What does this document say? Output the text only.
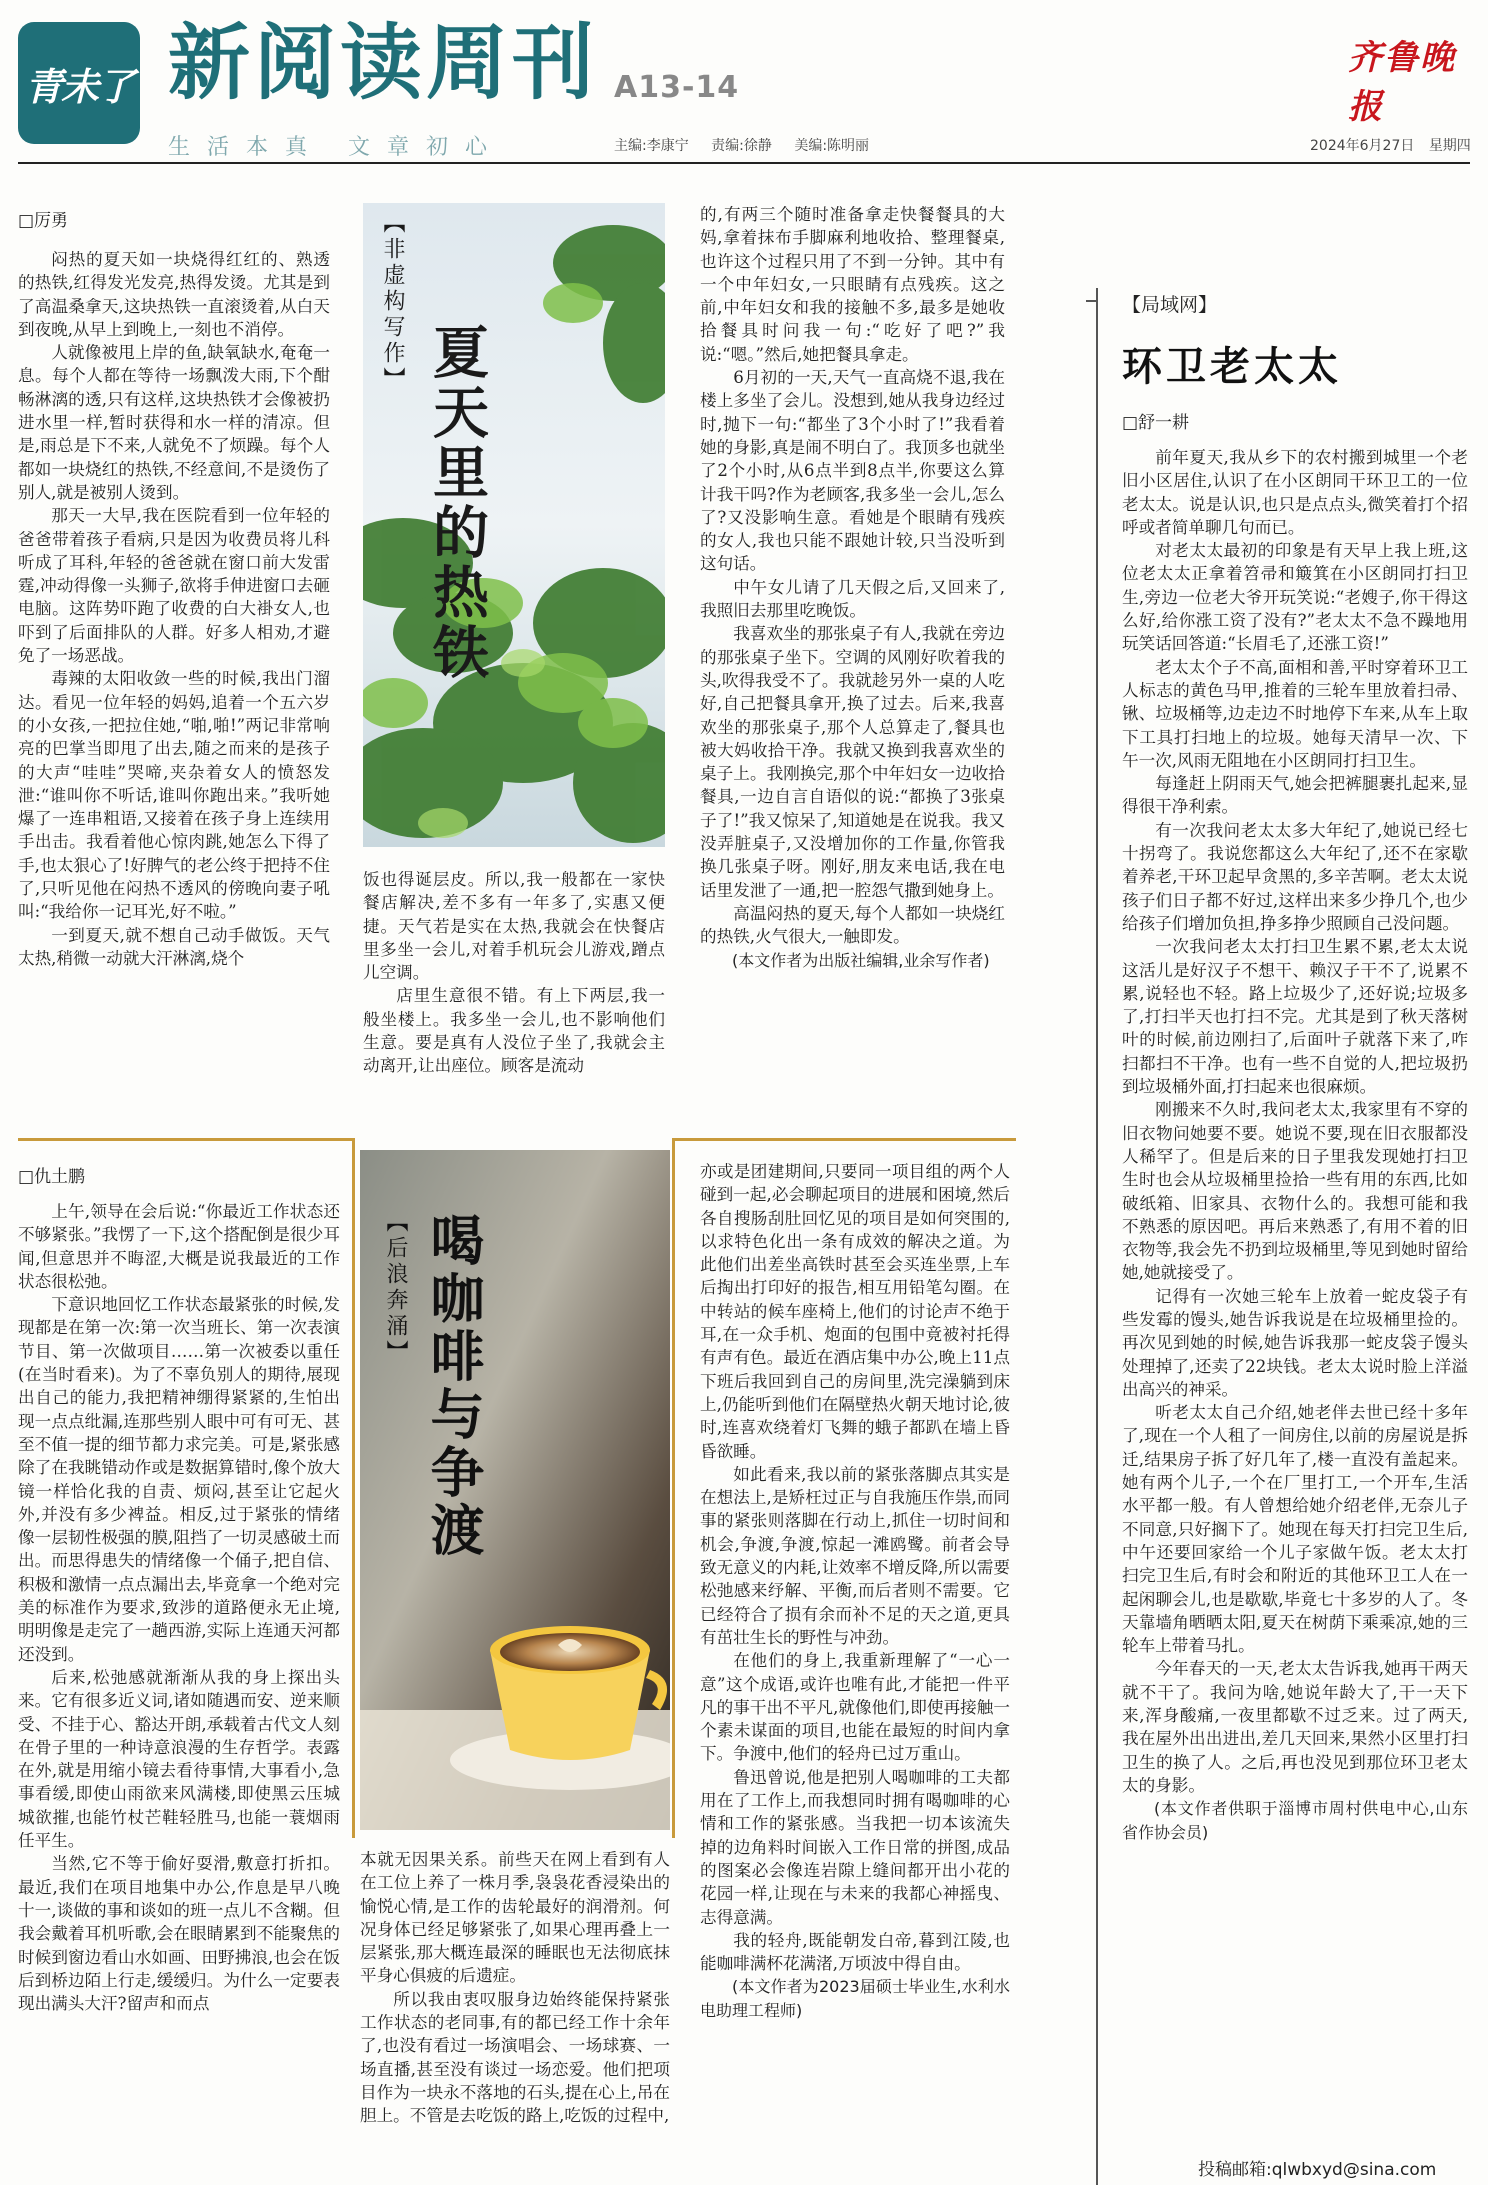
青未了 新阅读周刊 A13-14
齐鲁晚报
生活本真 文章初心	主编:李康宁 责编:徐静 美编:陈明丽	2024年6月27日 星期四
□厉勇

闷热的夏天如一块烧得红红的、熟透的热铁,红得发光发亮,热得发烫。尤其是到了高温桑拿天,这块热铁一直滚烫着,从白天到夜晚,从早上到晚上,一刻也不消停。

人就像被甩上岸的鱼,缺氧缺水,奄奄一息。每个人都在等待一场飘泼大雨,下个酣畅淋漓的透,只有这样,这块热铁才会像被扔进水里一样,暂时获得和水一样的清凉。但是,雨总是下不来,人就免不了烦躁。每个人都如一块烧红的热铁,不经意间,不是烫伤了别人,就是被别人烫到。

那天一大早,我在医院看到一位年轻的爸爸带着孩子看病,只是因为收费员将儿科听成了耳科,年轻的爸爸就在窗口前大发雷霆,冲动得像一头狮子,欲将手伸进窗口去砸电脑。这阵势吓跑了收费的白大褂女人,也吓到了后面排队的人群。好多人相劝,才避免了一场恶战。

毒辣的太阳收敛一些的时候,我出门溜达。看见一位年轻的妈妈,追着一个五六岁的小女孩,一把拉住她,“啪,啪!”两记非常响亮的巴掌当即甩了出去,随之而来的是孩子的大声“哇哇”哭啼,夹杂着女人的愤怒发泄:“谁叫你不听话,谁叫你跑出来。”我听她爆了一连串粗语,又接着在孩子身上连续用手出击。我看着他心惊肉跳,她怎么下得了手,也太狠心了!好脾气的老公终于把持不住了,只听见他在闷热不透风的傍晚向妻子吼叫:“我给你一记耳光,好不啦。”

一到夏天,就不想自己动手做饭。天气太热,稍微一动就大汗淋漓,烧个

【非虚构写作】
夏天里的热铁

饭也得诞层皮。所以,我一般都在一家快餐店解决,差不多有一年多了,实惠又便捷。天气若是实在太热,我就会在快餐店里多坐一会儿,对着手机玩会儿游戏,蹭点儿空调。

店里生意很不错。有上下两层,我一般坐楼上。我多坐一会儿,也不影响他们生意。要是真有人没位子坐了,我就会主动离开,让出座位。顾客是流动

的,有两三个随时准备拿走快餐餐具的大妈,拿着抹布手脚麻利地收拾、整理餐桌,也许这个过程只用了不到一分钟。其中有一个中年妇女,一只眼睛有点残疾。这之前,中年妇女和我的接触不多,最多是她收拾餐具时问我一句:“吃好了吧?”我说:“嗯。”然后,她把餐具拿走。

6月初的一天,天气一直高烧不退,我在楼上多坐了会儿。没想到,她从我身边经过时,抛下一句:“都坐了3个小时了!”我看着她的身影,真是闹不明白了。我顶多也就坐了2个小时,从6点半到8点半,你要这么算计我干吗?作为老顾客,我多坐一会儿,怎么了?又没影响生意。看她是个眼睛有残疾的女人,我也只能不跟她计较,只当没听到这句话。

中午女儿请了几天假之后,又回来了,我照旧去那里吃晚饭。

我喜欢坐的那张桌子有人,我就在旁边的那张桌子坐下。空调的风刚好吹着我的头,吹得我受不了。我就趁另外一桌的人吃好,自己把餐具拿开,换了过去。后来,我喜欢坐的那张桌子,那个人总算走了,餐具也被大妈收拾干净。我就又换到我喜欢坐的桌子上。我刚换完,那个中年妇女一边收拾餐具,一边自言自语似的说:“都换了3张桌子了!”我又惊呆了,知道她是在说我。我又没弄脏桌子,又没增加你的工作量,你管我换几张桌子呀。刚好,朋友来电话,我在电话里发泄了一通,把一腔怨气撒到她身上。

高温闷热的夏天,每个人都如一块烧红的热铁,火气很大,一触即发。

(本文作者为出版社编辑,业余写作者)

【局域网】
环卫老太太
□舒一耕

前年夏天,我从乡下的农村搬到城里一个老旧小区居住,认识了在小区朗同干环卫工的一位老太太。说是认识,也只是点点头,微笑着打个招呼或者简单聊几句而已。

对老太太最初的印象是有天早上我上班,这位老太太正拿着笤帚和簸箕在小区朗同打扫卫生,旁边一位老大爷开玩笑说:“老嫂子,你干得这么好,给你涨工资了没有?”老太太不急不躁地用玩笑话回答道:“长眉毛了,还涨工资!”

老太太个子不高,面相和善,平时穿着环卫工人标志的黄色马甲,推着的三轮车里放着扫帚、锹、垃圾桶等,边走边不时地停下车来,从车上取下工具打扫地上的垃圾。她每天清早一次、下午一次,风雨无阻地在小区朗同打扫卫生。

每逢赶上阴雨天气,她会把裤腿裹扎起来,显得很干净利索。

有一次我问老太太多大年纪了,她说已经七十拐弯了。我说您都这么大年纪了,还不在家歇着养老,干环卫起早贪黑的,多辛苦啊。老太太说孩子们日子都不好过,这样出来多少挣几个,也少给孩子们增加负担,挣多挣少照顾自己没问题。

一次我问老太太打扫卫生累不累,老太太说这活儿是好汉子不想干、赖汉子干不了,说累不累,说轻也不轻。路上垃圾少了,还好说;垃圾多了,打扫半天也打扫不完。尤其是到了秋天落树叶的时候,前边刚扫了,后面叶子就落下来了,咋扫都扫不干净。也有一些不自觉的人,把垃圾扔到垃圾桶外面,打扫起来也很麻烦。

刚搬来不久时,我问老太太,我家里有不穿的旧衣物问她要不要。她说不要,现在旧衣服都没人稀罕了。但是后来的日子里我发现她打扫卫生时也会从垃圾桶里捡拾一些有用的东西,比如破纸箱、旧家具、衣物什么的。我想可能和我不熟悉的原因吧。再后来熟悉了,有用不着的旧衣物等,我会先不扔到垃圾桶里,等见到她时留给她,她就接受了。

记得有一次她三轮车上放着一蛇皮袋子有些发霉的馒头,她告诉我说是在垃圾桶里捡的。再次见到她的时候,她告诉我那一蛇皮袋子馒头处理掉了,还卖了22块钱。老太太说时脸上洋溢出高兴的神采。

听老太太自己介绍,她老伴去世已经十多年了,现在一个人租了一间房住,以前的房屋说是拆迁,结果房子拆了好几年了,楼一直没有盖起来。她有两个儿子,一个在厂里打工,一个开车,生活水平都一般。有人曾想给她介绍老伴,无奈儿子不同意,只好搁下了。她现在每天打扫完卫生后,中午还要回家给一个儿子家做午饭。老太太打扫完卫生后,有时会和附近的其他环卫工人在一起闲聊会儿,也是歇歇,毕竟七十多岁的人了。冬天靠墙角晒晒太阳,夏天在树荫下乘乘凉,她的三轮车上带着马扎。

今年春天的一天,老太太告诉我,她再干两天就不干了。我问为啥,她说年龄大了,干一天下来,浑身酸痛,一夜里都歇不过乏来。过了两天,我在屋外出出进出,差几天回来,果然小区里打扫卫生的换了人。之后,再也没见到那位环卫老太太的身影。

(本文作者供职于淄博市周村供电中心,山东省作协会员)

□仇土鹏

上午,领导在会后说:“你最近工作状态还不够紧张。”我愣了一下,这个搭配倒是很少耳闻,但意思并不晦涩,大概是说我最近的工作状态很松弛。

下意识地回忆工作状态最紧张的时候,发现都是在第一次:第一次当班长、第一次表演节目、第一次做项目……第一次被委以重任(在当时看来)。为了不辜负别人的期待,展现出自己的能力,我把精神绷得紧紧的,生怕出现一点点纰漏,连那些别人眼中可有可无、甚至不值一提的细节都力求完美。可是,紧张感除了在我眺错动作或是数据算错时,像个放大镜一样恰化我的自责、烦闷,甚至让它起火外,并没有多少裨益。相反,过于紧张的情绪像一层韧性极强的膜,阻挡了一切灵感破土而出。而思得患失的情绪像一个俑子,把自信、积极和激情一点点漏出去,毕竟拿一个绝对完美的标准作为要求,致涉的道路便永无止境,明明像是走完了一趟西游,实际上连通天河都还没到。

后来,松弛感就渐渐从我的身上探出头来。它有很多近义词,诸如随遇而安、逆来顺受、不挂于心、豁达开朗,承载着古代文人刻在骨子里的一种诗意浪漫的生存哲学。表露在外,就是用缩小镜去看待事情,大事看小,急事看缓,即使山雨欲来风满楼,即使黑云压城城欲摧,也能竹杖芒鞋轻胜马,也能一蓑烟雨任平生。

当然,它不等于偷好耍滑,敷意打折扣。最近,我们在项目地集中办公,作息是早八晚十一,谈做的事和谈如的班一点儿不含糊。但我会戴着耳机听歌,会在眼睛累到不能聚焦的时候到窗边看山水如画、田野拂浪,也会在饭后到桥边陌上行走,缓缓归。为什么一定要表现出满头大汗?留声和而点

【后浪奔涌】 喝咖啡与争渡

本就无因果关系。前些天在网上看到有人在工位上养了一株月季,袅袅花香浸染出的愉悦心情,是工作的齿轮最好的润滑剂。何况身体已经足够紧张了,如果心理再叠上一层紧张,那大概连最深的睡眠也无法彻底抹平身心俱疲的后遗症。

所以我由衷叹服身边始终能保持紧张工作状态的老同事,有的都已经工作十余年了,也没有看过一场演唱会、一场球赛、一场直播,甚至没有谈过一场恋爱。他们把项目作为一块永不落地的石头,提在心上,吊在胆上。不管是去吃饭的路上,吃饭的过程中,

亦或是团建期间,只要同一项目组的两个人碰到一起,必会聊起项目的进展和困境,然后各自搜肠刮肚回忆见的项目是如何突围的,以求特色化出一条有成效的解决之道。为此他们出差坐高铁时甚至会买连坐票,上车后掏出打印好的报告,相互用铅笔勾圈。在中转站的候车座椅上,他们的讨论声不绝于耳,在一众手机、炮面的包围中竟被衬托得有声有色。最近在酒店集中办公,晚上11点下班后我回到自己的房间里,洗完澡躺到床上,仍能听到他们在隔壁热火朝天地讨论,彼时,连喜欢绕着灯飞舞的蛾子都趴在墙上昏昏欲睡。

如此看来,我以前的紧张落脚点其实是在想法上,是矫枉过正与自我施压作祟,而同事的紧张则落脚在行动上,抓住一切时间和机会,争渡,争渡,惊起一滩鸥鹭。前者会导致无意义的内耗,让效率不增反降,所以需要松弛感来纾解、平衡,而后者则不需要。它已经符合了损有余而补不足的天之道,更具有茁壮生长的野性与冲劲。

在他们的身上,我重新理解了“一心一意”这个成语,或许也唯有此,才能把一件平凡的事干出不平凡,就像他们,即使再接触一个素未谋面的项目,也能在最短的时间内拿下。争渡中,他们的轻舟已过万重山。

鲁迅曾说,他是把别人喝咖啡的工夫都用在了工作上,而我想同时拥有喝咖啡的心情和工作的紧张感。当我把一切本该流失掉的边角料时间嵌入工作日常的拼图,成品的图案必会像连岩隙上缝间都开出小花的花园一样,让现在与未来的我都心神摇曳、志得意满。

我的轻舟,既能朝发白帝,暮到江陵,也能咖啡满杯花满渚,万顷波中得自由。

(本文作者为2023届硕士毕业生,水利水电助理工程师)

投稿邮箱:qlwbxyd@sina.com
